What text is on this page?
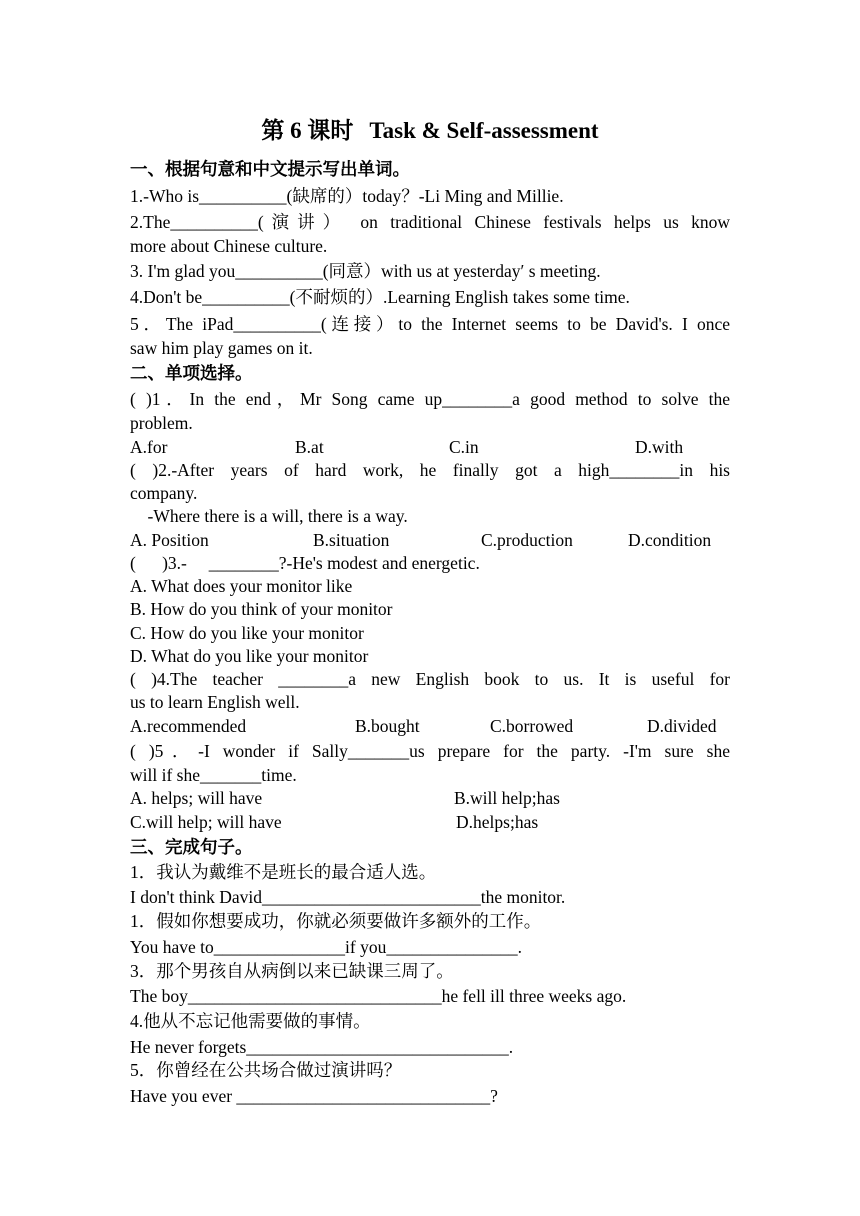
第 6 课时 Task & Self-assessment
一、根据句意和中文提示写出单词。
1.-Who is__________(缺席的）today？-Li Ming and Millie.
2.The__________(演讲） on traditional Chinese festivals helps us know
more about Chinese culture.
3. I'm glad you__________(同意）with us at yesterday′ s meeting.
4.Don't be__________(不耐烦的）.Learning English takes some time.
5．The iPad__________(连接）to the Internet seems to be David's. I once
saw him play games on it.
二、单项选择。
( )1．In the end，Mr Song came up________a good method to solve the
problem.
A.for	B.at	C.in	D.with
( )2.-After years of hard work, he finally got a high________in his
company.
-Where there is a will, there is a way.
A. Position	B.situation	C.production	D.condition
(      )3.-     ________?-He's modest and energetic.
A. What does your monitor like
B. How do you think of your monitor
C. How do you like your monitor
D. What do you like your monitor
( )4.The teacher ________a new English book to us. It is useful for
us to learn English well.
A.recommended	B.bought	C.borrowed	D.divided
( )5．-I wonder if Sally_______us prepare for the party. -I'm sure she
will if she_______time.
A. helps; will have	B.will help;has
C.will help; will have	D.helps;has
三、完成句子。
1．我认为戴维不是班长的最合适人选。
I don't think David_________________________the monitor.
1．假如你想要成功，你就必须要做许多额外的工作。
You have to_______________if you_______________.
3．那个男孩自从病倒以来已缺课三周了。
The boy_____________________________he fell ill three weeks ago.
4.他从不忘记他需要做的事情。
He never forgets______________________________.
5．你曾经在公共场合做过演讲吗？
Have you ever _____________________________?
